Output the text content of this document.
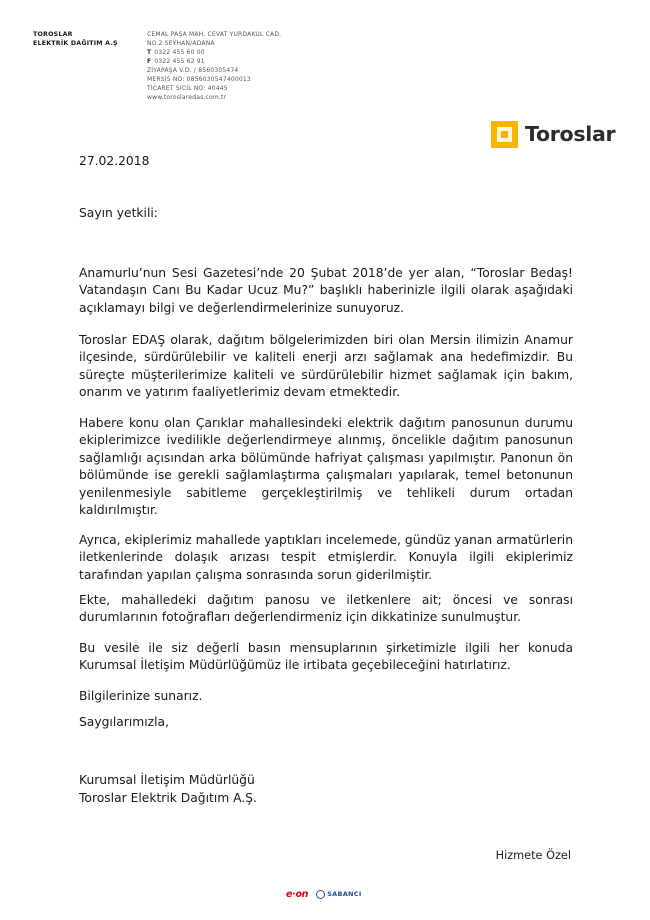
TOROSLAR
ELEKTRİK DAĞITIM A.Ş
CEMAL PAŞA MAH. CEVAT YURDAKUL CAD.
NO.2 SEYHAN/ADANA
T 0322 455 60 00
F 0322 455 62 91
ZİYAPAŞA V.D. / 8560305474
MERSİS NO: 0856030547400013
TİCARET SİCİL NO: 40445
www.toroslaredas.com.tr
Toroslar

27.02.2018

Sayın yetkili:

Anamurlu’nun Sesi Gazetesi’nde 20 Şubat 2018’de yer alan, “Toroslar Bedaş! Vatandaşın Canı Bu Kadar Ucuz Mu?” başlıklı haberinizle ilgili olarak aşağıdaki açıklamayı bilgi ve değerlendirmelerinize sunuyoruz.

Toroslar EDAŞ olarak, dağıtım bölgelerimizden biri olan Mersin ilimizin Anamur ilçesinde, sürdürülebilir ve kaliteli enerji arzı sağlamak ana hedefimizdir. Bu süreçte müşterilerimize kaliteli ve sürdürülebilir hizmet sağlamak için bakım, onarım ve yatırım faaliyetlerimiz devam etmektedir.

Habere konu olan Çarıklar mahallesindeki elektrik dağıtım panosunun durumu ekiplerimizce ivedilikle değerlendirmeye alınmış, öncelikle dağıtım panosunun sağlamlığı açısından arka bölümünde hafriyat çalışması yapılmıştır. Panonun ön bölümünde ise gerekli sağlamlaştırma çalışmaları yapılarak, temel betonunun yenilenmesiyle sabitleme gerçekleştirilmiş ve tehlikeli durum ortadan kaldırılmıştır.

Ayrıca, ekiplerimiz mahallede yaptıkları incelemede, gündüz yanan armatürlerin iletkenlerinde dolaşık arızası tespit etmişlerdir. Konuyla ilgili ekiplerimiz tarafından yapılan çalışma sonrasında sorun giderilmiştir.

Ekte, mahalledeki dağıtım panosu ve iletkenlere ait; öncesi ve sonrası durumlarının fotoğrafları değerlendirmeniz için dikkatinize sunulmuştur.

Bu vesile ile siz değerli basın mensuplarının şirketimizle ilgili her konuda Kurumsal İletişim Müdürlüğümüz ile irtibata geçebileceğini hatırlatırız.

Bilgilerinize sunarız.

Saygılarımızla,

Kurumsal İletişim Müdürlüğü

Toroslar Elektrik Dağıtım A.Ş.

Hizmete Özel
e·on	SABANCI
